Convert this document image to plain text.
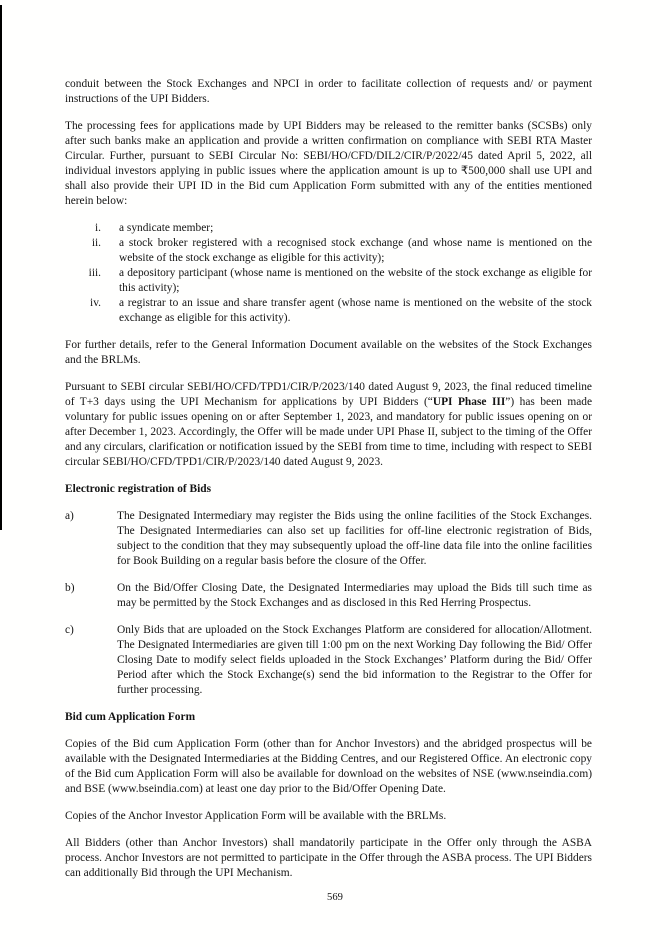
conduit between the Stock Exchanges and NPCI in order to facilitate collection of requests and/ or payment instructions of the UPI Bidders.

The processing fees for applications made by UPI Bidders may be released to the remitter banks (SCSBs) only after such banks make an application and provide a written confirmation on compliance with SEBI RTA Master Circular. Further, pursuant to SEBI Circular No: SEBI/HO/CFD/DIL2/CIR/P/2022/45 dated April 5, 2022, all individual investors applying in public issues where the application amount is up to ₹500,000 shall use UPI and shall also provide their UPI ID in the Bid cum Application Form submitted with any of the entities mentioned herein below:

i. a syndicate member;
ii. a stock broker registered with a recognised stock exchange (and whose name is mentioned on the website of the stock exchange as eligible for this activity);
iii. a depository participant (whose name is mentioned on the website of the stock exchange as eligible for this activity);
iv. a registrar to an issue and share transfer agent (whose name is mentioned on the website of the stock exchange as eligible for this activity).

For further details, refer to the General Information Document available on the websites of the Stock Exchanges and the BRLMs.

Pursuant to SEBI circular SEBI/HO/CFD/TPD1/CIR/P/2023/140 dated August 9, 2023, the final reduced timeline of T+3 days using the UPI Mechanism for applications by UPI Bidders (“UPI Phase III”) has been made voluntary for public issues opening on or after September 1, 2023, and mandatory for public issues opening on or after December 1, 2023. Accordingly, the Offer will be made under UPI Phase II, subject to the timing of the Offer and any circulars, clarification or notification issued by the SEBI from time to time, including with respect to SEBI circular SEBI/HO/CFD/TPD1/CIR/P/2023/140 dated August 9, 2023.

Electronic registration of Bids
a)	The Designated Intermediary may register the Bids using the online facilities of the Stock Exchanges. The Designated Intermediaries can also set up facilities for off-line electronic registration of Bids, subject to the condition that they may subsequently upload the off-line data file into the online facilities for Book Building on a regular basis before the closure of the Offer.
b)	On the Bid/Offer Closing Date, the Designated Intermediaries may upload the Bids till such time as may be permitted by the Stock Exchanges and as disclosed in this Red Herring Prospectus.
c)	Only Bids that are uploaded on the Stock Exchanges Platform are considered for allocation/Allotment. The Designated Intermediaries are given till 1:00 pm on the next Working Day following the Bid/ Offer Closing Date to modify select fields uploaded in the Stock Exchanges’ Platform during the Bid/ Offer Period after which the Stock Exchange(s) send the bid information to the Registrar to the Offer for further processing.
Bid cum Application Form

Copies of the Bid cum Application Form (other than for Anchor Investors) and the abridged prospectus will be available with the Designated Intermediaries at the Bidding Centres, and our Registered Office. An electronic copy of the Bid cum Application Form will also be available for download on the websites of NSE (www.nseindia.com) and BSE (www.bseindia.com) at least one day prior to the Bid/Offer Opening Date.

Copies of the Anchor Investor Application Form will be available with the BRLMs.

All Bidders (other than Anchor Investors) shall mandatorily participate in the Offer only through the ASBA process. Anchor Investors are not permitted to participate in the Offer through the ASBA process. The UPI Bidders can additionally Bid through the UPI Mechanism.

569
